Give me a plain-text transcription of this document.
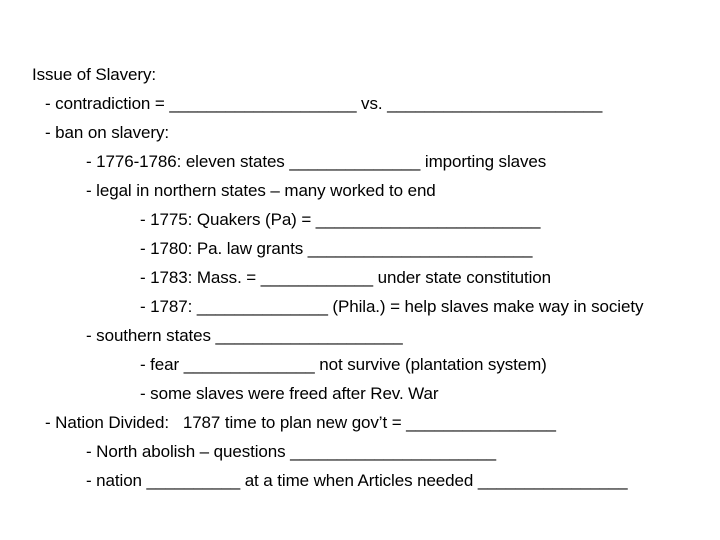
Issue of Slavery:
- contradiction = ____________________ vs. _______________________
- ban on slavery:
- 1776-1786: eleven states ______________ importing slaves
- legal in northern states – many worked to end
- 1775: Quakers (Pa) = ________________________
- 1780: Pa. law grants ________________________
- 1783: Mass. = ____________ under state constitution
- 1787: ______________ (Phila.) = help slaves make way in society
- southern states ____________________
- fear ______________ not survive (plantation system)
- some slaves were freed after Rev. War
- Nation Divided:   1787 time to plan new gov’t = ________________
- North abolish – questions ______________________
- nation __________ at a time when Articles needed ________________
